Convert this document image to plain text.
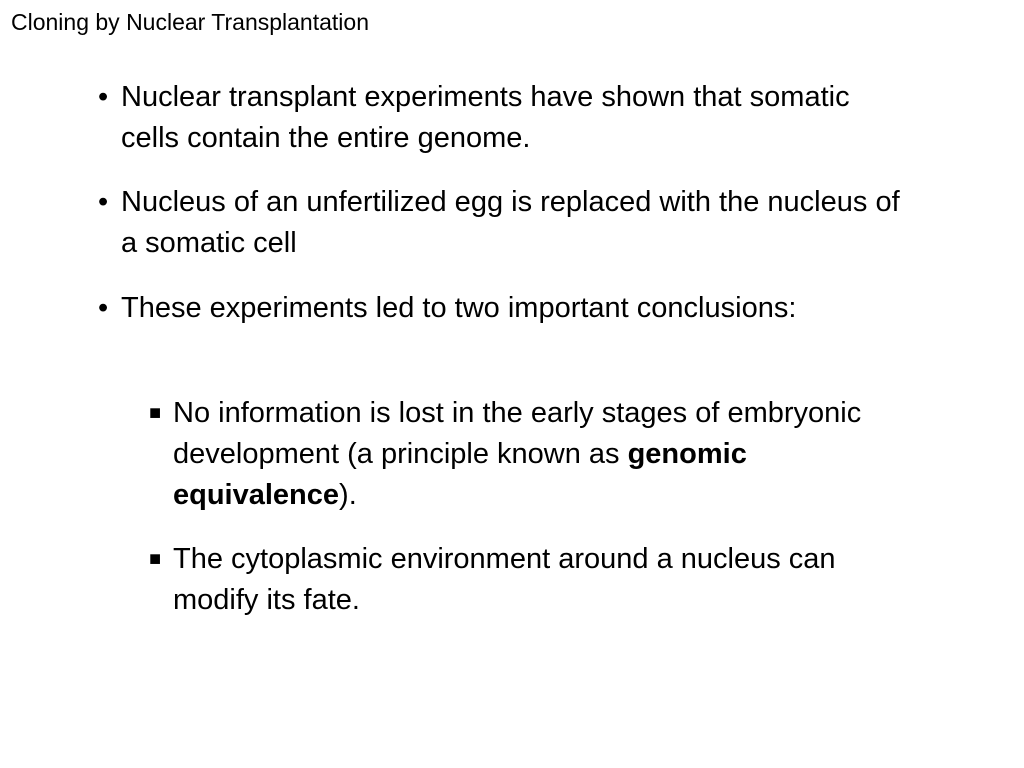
Cloning by Nuclear Transplantation
• Nuclear transplant experiments have shown that somatic cells contain the entire genome.
• Nucleus of an unfertilized egg is replaced with the nucleus of a somatic cell
• These experiments led to two important conclusions:
■ No information is lost in the early stages of embryonic development (a principle known as genomic equivalence).
■ The cytoplasmic environment around a nucleus can modify its fate.
